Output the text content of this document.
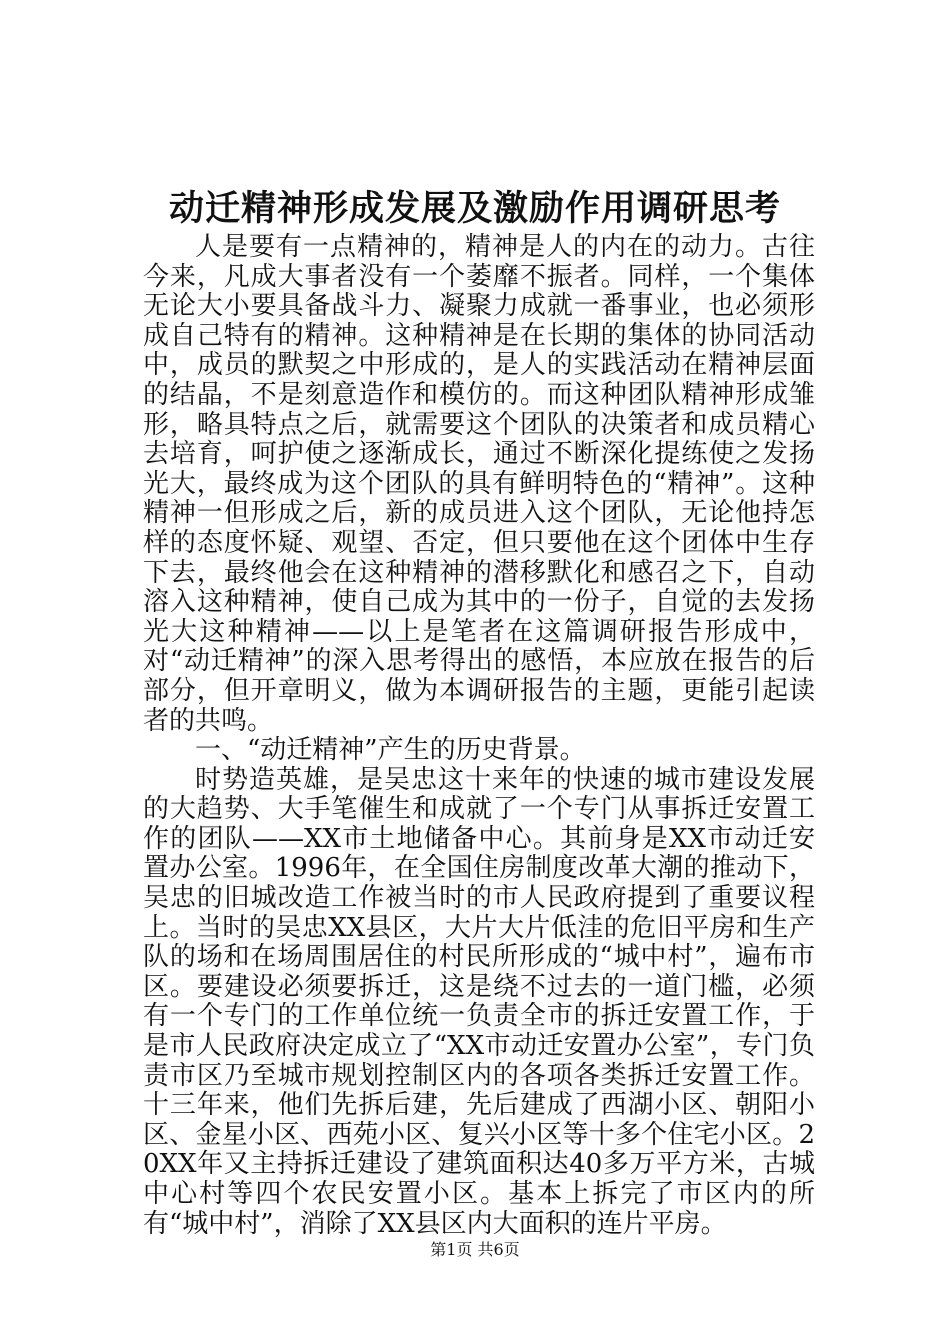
动迁精神形成发展及激励作用调研思考

人是要有一点精神的，精神是人的内在的动力。古往今来，凡成大事者没有一个萎靡不振者。同样，一个集体无论大小要具备战斗力、凝聚力成就一番事业，也必须形成自己特有的精神。这种精神是在长期的集体的协同活动中，成员的默契之中形成的，是人的实践活动在精神层面的结晶，不是刻意造作和模仿的。而这种团队精神形成雏形，略具特点之后，就需要这个团队的决策者和成员精心去培育，呵护使之逐渐成长，通过不断深化提练使之发扬光大，最终成为这个团队的具有鲜明特色的“精神”。这种精神一但形成之后，新的成员进入这个团队，无论他持怎样的态度怀疑、观望、否定，但只要他在这个团体中生存下去，最终他会在这种精神的潜移默化和感召之下，自动溶入这种精神，使自己成为其中的一份子，自觉的去发扬光大这种精神——以上是笔者在这篇调研报告形成中，对“动迁精神”的深入思考得出的感悟，本应放在报告的后部分，但开章明义，做为本调研报告的主题，更能引起读者的共鸣。

一、“动迁精神”产生的历史背景。

时势造英雄，是吴忠这十来年的快速的城市建设发展的大趋势、大手笔催生和成就了一个专门从事拆迁安置工作的团队——XX市土地储备中心。其前身是XX市动迁安置办公室。1996年，在全国住房制度改革大潮的推动下，吴忠的旧城改造工作被当时的市人民政府提到了重要议程上。当时的吴忠XX县区，大片大片低洼的危旧平房和生产队的场和在场周围居住的村民所形成的“城中村”，遍布市区。要建设必须要拆迁，这是绕不过去的一道门槛，必须有一个专门的工作单位统一负责全市的拆迁安置工作，于是市人民政府决定成立了“XX市动迁安置办公室”，专门负责市区乃至城市规划控制区内的各项各类拆迁安置工作。十三年来，他们先拆后建，先后建成了西湖小区、朝阳小区、金星小区、西苑小区、复兴小区等十多个住宅小区。20XX年又主持拆迁建设了建筑面积达40多万平方米，古城中心村等四个农民安置小区。基本上拆完了市区内的所有“城中村”，消除了XX县区内大面积的连片平房。

第1页 共6页
